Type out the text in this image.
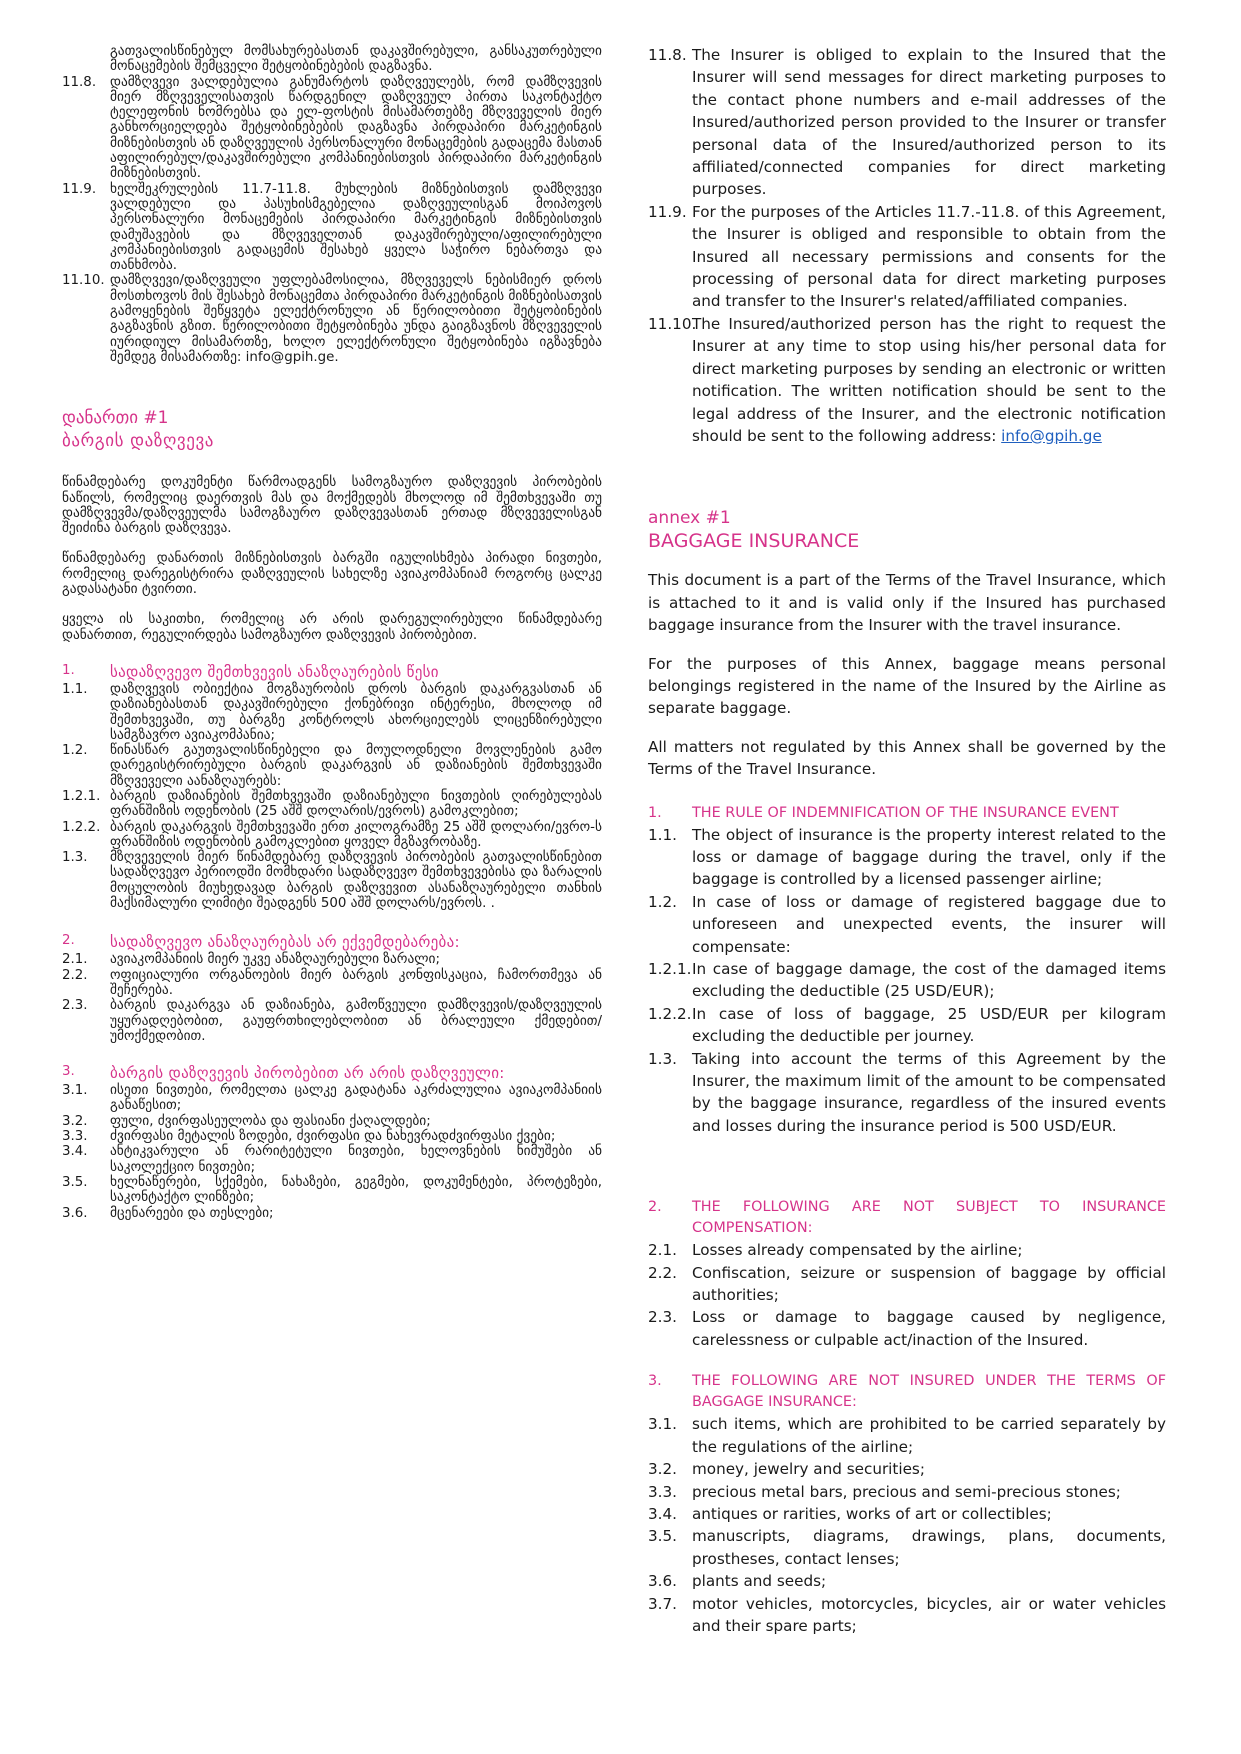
გათვალისწინებულ მომსახურებასთან დაკავშირებული, განსაკუთრებული მონაცემების შემცველი შეტყობინებების დაგზავნა.
11.8.	დამზღვევი ვალდებულია განუმარტოს დაზღვეულებს, რომ დამზღვევის მიერ მზღვეველისათვის წარდგენილ დაზღვეულ პირთა საკონტაქტო ტელეფონის ნომრებსა და ელ-ფოსტის მისამართებზე მზღვეველის მიერ განხორციელდება შეტყობინებების დაგზავნა პირდაპირი მარკეტინგის მიზნებისთვის ან დაზღვეულის პერსონალური მონაცემების გადაცემა მასთან აფილირებულ/დაკავშირებული კომპანიებისთვის პირდაპირი მარკეტინგის მიზნებისთვის.
11.9.	ხელშეკრულების 11.7-11.8. მუხლების მიზნებისთვის დამზღვევი ვალდებული და პასუხისმგებელია დაზღვეულისგან მოიპოვოს პერსონალური მონაცემების პირდაპირი მარკეტინგის მიზნებისთვის დამუშავების და მზღვეველთან დაკავშირებული/აფილირებული კომპანიებისთვის გადაცემის შესახებ ყველა საჭირო ნებართვა და თანხმობა.
11.10. დამზღვევი/დაზღვეული უფლებამოსილია, მზღვეველს ნებისმიერ დროს მოსთხოვოს მის შესახებ მონაცემთა პირდაპირი მარკეტინგის მიზნებისათვის გამოყენების შეწყვეტა ელექტრონული ან წერილობითი შეტყობინების გაგზავნის გზით. წერილობითი შეტყობინება უნდა გაიგზავნოს მზღვეველის იურიდიულ მისამართზე, ხოლო ელექტრონული შეტყობინება იგზავნება შემდეგ მისამართზე: info@gpih.ge.
დანართი #1
ბარგის დაზღვევა
წინამდებარე დოკუმენტი წარმოადგენს სამოგზაურო დაზღვევის პირობების ნაწილს, რომელიც დაერთვის მას და მოქმედებს მხოლოდ იმ შემთხვევაში თუ დამზღვევმა/დაზღვეულმა სამოგზაურო დაზღვევასთან ერთად მზღვეველისგან შეიძინა ბარგის დაზღვევა.
წინამდებარე დანართის მიზნებისთვის ბარგში იგულისხმება პირადი ნივთები, რომელიც დარეგისტრირა დაზღვეულის სახელზე ავიაკომპანიამ როგორც ცალკე გადასატანი ტვირთი.
ყველა ის საკითხი, რომელიც არ არის დარეგულირებული წინამდებარე დანართით, რეგულირდება სამოგზაურო დაზღვევის პირობებით.
1.	სადაზღვევო შემთხვევის ანაზღაურების წესი
1.1.	დაზღვევის ობიექტია მოგზაურობის დროს ბარგის დაკარგვასთან ან დაზიანებასთან დაკავშირებული ქონებრივი ინტერესი, მხოლოდ იმ შემთხვევაში, თუ ბარგზე კონტროლს ახორციელებს ლიცენზირებული სამგზავრო ავიაკომპანია;
1.2.	წინასწარ გაუთვალისწინებელი და მოულოდნელი მოვლენების გამო დარეგისტრირებული ბარგის დაკარგვის ან დაზიანების შემთხვევაში მზღვეველი აანაზღაურებს:
1.2.1. ბარგის დაზიანების შემთხვევაში დაზიანებული ნივთების ღირებულებას ფრანშიზის ოდენობის (25 აშშ დოლარის/ევროს) გამოკლებით;
1.2.2. ბარგის დაკარგვის შემთხვევაში ერთ კილოგრამზე 25 აშშ დოლარი/ევრო-ს ფრანშიზის ოდენობის გამოკლებით ყოველ მგზავრობაზე.
1.3.	მზღვეველის მიერ წინამდებარე დაზღვევის პირობების გათვალისწინებით სადაზღვევო პერიოდში მომხდარი სადაზღვევო შემთხვევებისა და ზარალის მოცულობის მიუხედავად ბარგის დაზღვევით ასანაზღაურებელი თანხის მაქსიმალური ლიმიტი შეადგენს 500 აშშ დოლარს/ევროს. .
2.	სადაზღვევო ანაზღაურებას არ ექვემდებარება:
2.1.	ავიაკომპანიის მიერ უკვე ანაზღაურებული ზარალი;
2.2.	ოფიციალური ორგანოების მიერ ბარგის კონფისკაცია, ჩამორთმევა ან შეჩერება.
2.3.	ბარგის დაკარგვა ან დაზიანება, გამოწვეული დამზღვევის/დაზღვეულის უყურადღებობით, გაუფრთხილებლობით ან ბრალეული ქმედებით/უმოქმედობით.
3.	ბარგის დაზღვევის პირობებით არ არის დაზღვეული:
3.1.	ისეთი ნივთები, რომელთა ცალკე გადატანა აკრძალულია ავიაკომპანიის განაწესით;
3.2.	ფული, ძვირფასეულობა და ფასიანი ქაღალდები;
3.3.	ძვირფასი მეტალის ზოდები, ძვირფასი და ნახევრადძვირფასი ქვები;
3.4.	ანტიკვარული ან რარიტეტული ნივთები, ხელოვნების ნიმუშები ან საკოლექციო ნივთები;
3.5.	ხელნაწერები, სქემები, ნახაზები, გეგმები, დოკუმენტები, პროტეზები, საკონტაქტო ლინზები;
3.6.	მცენარეები და თესლები;
11.8. The Insurer is obliged to explain to the Insured that the Insurer will send messages for direct marketing purposes to the contact phone numbers and e-mail addresses of the Insured/authorized person provided to the Insurer or transfer personal data of the Insured/authorized person to its affiliated/connected companies for direct marketing purposes.
11.9. For the purposes of the Articles 11.7.-11.8. of this Agreement, the Insurer is obliged and responsible to obtain from the Insured all necessary permissions and consents for the processing of personal data for direct marketing purposes and transfer to the Insurer's related/affiliated companies.
11.10.
The Insured/authorized person has the right to request the Insurer at any time to stop using his/her personal data for direct marketing purposes by sending an electronic or written notification. The written notification should be sent to the legal address of the Insurer, and the electronic notification should be sent to the following address: info@gpih.ge
annex #1
BAGGAGE INSURANCE
This document is a part of the Terms of the Travel Insurance, which is attached to it and is valid only if the Insured has purchased baggage insurance from the Insurer with the travel insurance.
For the purposes of this Annex, baggage means personal belongings registered in the name of the Insured by the Airline as separate baggage.
All matters not regulated by this Annex shall be governed by the Terms of the Travel Insurance.
1.	THE RULE OF INDEMNIFICATION OF THE INSURANCE EVENT
1.1. The object of insurance is the property interest related to the loss or damage of baggage during the travel, only if the baggage is controlled by a licensed passenger airline;
1.2. In case of loss or damage of registered baggage due to unforeseen and unexpected events, the insurer will compensate:
1.2.1. In case of baggage damage, the cost of the damaged items excluding the deductible (25 USD/EUR);
1.2.2. In case of loss of baggage, 25 USD/EUR per kilogram excluding the deductible per journey.
1.3. Taking into account the terms of this Agreement by the Insurer, the maximum limit of the amount to be compensated by the baggage insurance, regardless of the insured events and losses during the insurance period is 500 USD/EUR.
2.	THE FOLLOWING ARE NOT SUBJECT TO INSURANCE COMPENSATION:
2.1. Losses already compensated by the airline;
2.2. Confiscation, seizure or suspension of baggage by official authorities;
2.3. Loss or damage to baggage caused by negligence, carelessness or culpable act/inaction of the Insured.
3.	THE FOLLOWING ARE NOT INSURED UNDER THE TERMS OF BAGGAGE INSURANCE:
3.1. such items, which are prohibited to be carried separately by the regulations of the airline;
3.2. money, jewelry and securities;
3.3. precious metal bars, precious and semi-precious stones;
3.4. antiques or rarities, works of art or collectibles;
3.5. manuscripts, diagrams, drawings, plans, documents, prostheses, contact lenses;
3.6. plants and seeds;
3.7. motor vehicles, motorcycles, bicycles, air or water vehicles and their spare parts;
